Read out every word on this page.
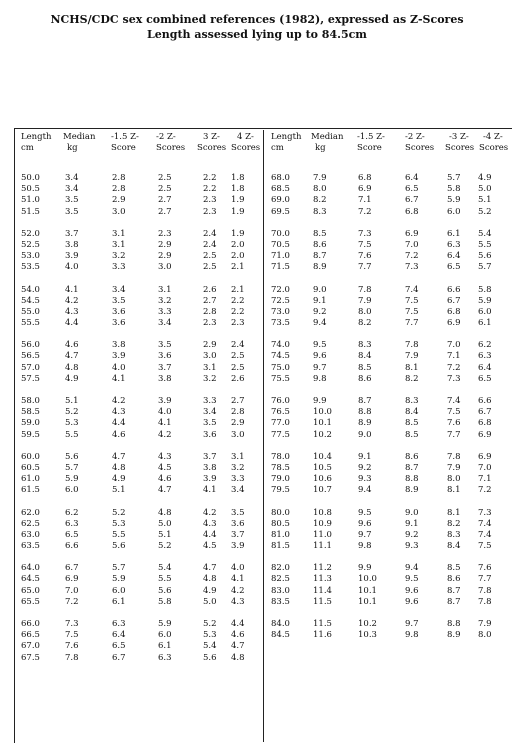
NCHS/CDC sex combined references (1982), expressed as Z-Scores
Length assessed lying up to 84.5cm
Length
cm
Median
kg
-1.5 Z-
Score
-2 Z-
Scores
3 Z-
Scores
4 Z-
Scores
Length
cm
Median
kg
-1.5 Z-
Score
-2 Z-
Scores
-3 Z-
Scores
-4 Z-
Scores
50.0
50.5
51.0
51.5
52.0
52.5
53.0
53.5
54.0
54.5
55.0
55.5
56.0
56.5
57.0
57.5
58.0
58.5
59.0
59.5
60.0
60.5
61.0
61.5
62.0
62.5
63.0
63.5
64.0
64.5
65.0
65.5
66.0
66.5
67.0
67.5
3.4
3.4
3.5
3.5
3.7
3.8
3.9
4.0
4.1
4.2
4.3
4.4
4.6
4.7
4.8
4.9
5.1
5.2
5.3
5.5
5.6
5.7
5.9
6.0
6.2
6.3
6.5
6.6
6.7
6.9
7.0
7.2
7.3
7.5
7.6
7.8
2.8
2.8
2.9
3.0
3.1
3.1
3.2
3.3
3.4
3.5
3.6
3.6
3.8
3.9
4.0
4.1
4.2
4.3
4.4
4.6
4.7
4.8
4.9
5.1
5.2
5.3
5.5
5.6
5.7
5.9
6.0
6.1
6.3
6.4
6.5
6.7
2.5
2.5
2.7
2.7
2.3
2.9
2.9
3.0
3.1
3.2
3.3
3.4
3.5
3.6
3.7
3.8
3.9
4.0
4.1
4.2
4.3
4.5
4.6
4.7
4.8
5.0
5.1
5.2
5.4
5.5
5.6
5.8
5.9
6.0
6.1
6.3
2.2
2.2
2.3
2.3
2.4
2.4
2.5
2.5
2.6
2.7
2.8
2.3
2.9
3.0
3.1
3.2
3.3
3.4
3.5
3.6
3.7
3.8
3.9
4.1
4.2
4.3
4.4
4.5
4.7
4.8
4.9
5.0
5.2
5.3
5.4
5.6
1.8
1.8
1.9
1.9
1.9
2.0
2.0
2.1
2.1
2.2
2.2
2.3
2.4
2.5
2.5
2.6
2.7
2.8
2.9
3.0
3.1
3.2
3.3
3.4
3.5
3.6
3.7
3.9
4.0
4.1
4.2
4.3
4.4
4.6
4.7
4.8
68.0
68.5
69.0
69.5
70.0
70.5
71.0
71.5
72.0
72.5
73.0
73.5
74.0
74.5
75.0
75.5
76.0
76.5
77.0
77.5
78.0
78.5
79.0
79.5
80.0
80.5
81.0
81.5
82.0
82.5
83.0
83.5
84.0
84.5
7.9
8.0
8.2
8.3
8.5
8.6
8.7
8.9
9.0
9.1
9.2
9.4
9.5
9.6
9.7
9.8
9.9
10.0
10.1
10.2
10.4
10.5
10.6
10.7
10.8
10.9
11.0
11.1
11.2
11.3
11.4
11.5
11.5
11.6
6.8
6.9
7.1
7.2
7.3
7.5
7.6
7.7
7.8
7.9
8.0
8.2
8.3
8.4
8.5
8.6
8.7
8.8
8.9
9.0
9.1
9.2
9.3
9.4
9.5
9.6
9.7
9.8
9.9
10.0
10.1
10.1
10.2
10.3
6.4
6.5
6.7
6.8
6.9
7.0
7.2
7.3
7.4
7.5
7.5
7.7
7.8
7.9
8.1
8.2
8.3
8.4
8.5
8.5
8.6
8.7
8.8
8.9
9.0
9.1
9.2
9.3
9.4
9.5
9.6
9.6
9.7
9.8
5.7
5.8
5.9
6.0
6.1
6.3
6.4
6.5
6.6
6.7
6.8
6.9
7.0
7.1
7.2
7.3
7.4
7.5
7.6
7.7
7.8
7.9
8.0
8.1
8.1
8.2
8.3
8.4
8.5
8.6
8.7
8.7
8.8
8.9
4.9
5.0
5.1
5.2
5.4
5.5
5.6
5.7
5.8
5.9
6.0
6.1
6.2
6.3
6.4
6.5
6.6
6.7
6.8
6.9
6.9
7.0
7.1
7.2
7.3
7.4
7.4
7.5
7.6
7.7
7.8
7.8
7.9
8.0
